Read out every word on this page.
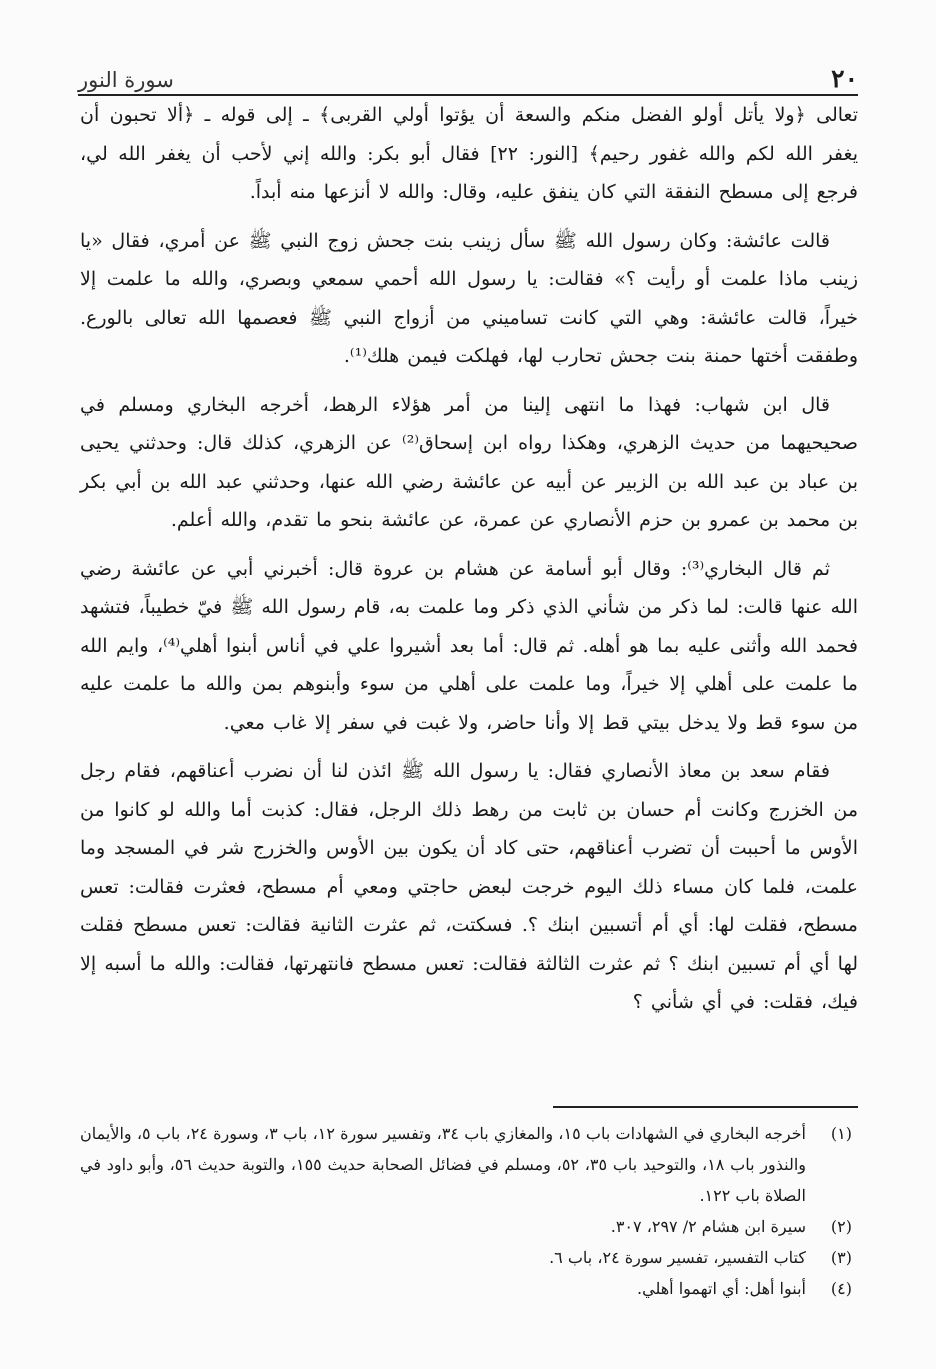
٢٠
سورة النور

تعالى ﴿ولا يأتل أولو الفضل منكم والسعة أن يؤتوا أولي القربى﴾ ـ إلى قوله ـ ﴿ألا تحبون أن يغفر الله لكم والله غفور رحيم﴾ [النور: ٢٢] فقال أبو بكر: والله إني لأحب أن يغفر الله لي، فرجع إلى مسطح النفقة التي كان ينفق عليه، وقال: والله لا أنزعها منه أبداً.

قالت عائشة: وكان رسول الله ﷺ سأل زينب بنت جحش زوج النبي ﷺ عن أمري، فقال «يا زينب ماذا علمت أو رأيت ؟» فقالت: يا رسول الله أحمي سمعي وبصري، والله ما علمت إلا خيراً، قالت عائشة: وهي التي كانت تساميني من أزواج النبي ﷺ فعصمها الله تعالى بالورع. وطفقت أختها حمنة بنت جحش تحارب لها، فهلكت فيمن هلك⁽¹⁾.

قال ابن شهاب: فهذا ما انتهى إلينا من أمر هؤلاء الرهط، أخرجه البخاري ومسلم في صحيحيهما من حديث الزهري، وهكذا رواه ابن إسحاق⁽²⁾ عن الزهري، كذلك قال: وحدثني يحيى بن عباد بن عبد الله بن الزبير عن أبيه عن عائشة رضي الله عنها، وحدثني عبد الله بن أبي بكر بن محمد بن عمرو بن حزم الأنصاري عن عمرة، عن عائشة بنحو ما تقدم، والله أعلم.

ثم قال البخاري⁽³⁾: وقال أبو أسامة عن هشام بن عروة قال: أخبرني أبي عن عائشة رضي الله عنها قالت: لما ذكر من شأني الذي ذكر وما علمت به، قام رسول الله ﷺ فيّ خطيباً، فتشهد فحمد الله وأثنى عليه بما هو أهله. ثم قال: أما بعد أشيروا علي في أناس أبنوا أهلي⁽⁴⁾، وايم الله ما علمت على أهلي إلا خيراً، وما علمت على أهلي من سوء وأبنوهم بمن والله ما علمت عليه من سوء قط ولا يدخل بيتي قط إلا وأنا حاضر، ولا غبت في سفر إلا غاب معي.

فقام سعد بن معاذ الأنصاري فقال: يا رسول الله ﷺ ائذن لنا أن نضرب أعناقهم، فقام رجل من الخزرج وكانت أم حسان بن ثابت من رهط ذلك الرجل، فقال: كذبت أما والله لو كانوا من الأوس ما أحببت أن تضرب أعناقهم، حتى كاد أن يكون بين الأوس والخزرج شر في المسجد وما علمت، فلما كان مساء ذلك اليوم خرجت لبعض حاجتي ومعي أم مسطح، فعثرت فقالت: تعس مسطح، فقلت لها: أي أم أتسبين ابنك ؟. فسكتت، ثم عثرت الثانية فقالت: تعس مسطح فقلت لها أي أم تسبين ابنك ؟ ثم عثرت الثالثة فقالت: تعس مسطح فانتهرتها، فقالت: والله ما أسبه إلا فيك، فقلت: في أي شأني ؟

(١)
أخرجه البخاري في الشهادات باب ١٥، والمغازي باب ٣٤، وتفسير سورة ١٢، باب ٣، وسورة ٢٤، باب ٥، والأيمان والنذور باب ١٨، والتوحيد باب ٣٥، ٥٢، ومسلم في فضائل الصحابة حديث ١٥٥، والتوبة حديث ٥٦، وأبو داود في الصلاة باب ١٢٢.
(٢)
سيرة ابن هشام ٢/ ٢٩٧، ٣٠٧.
(٣)
كتاب التفسير، تفسير سورة ٢٤، باب ٦.
(٤)
أبنوا أهل: أي اتهموا أهلي.
